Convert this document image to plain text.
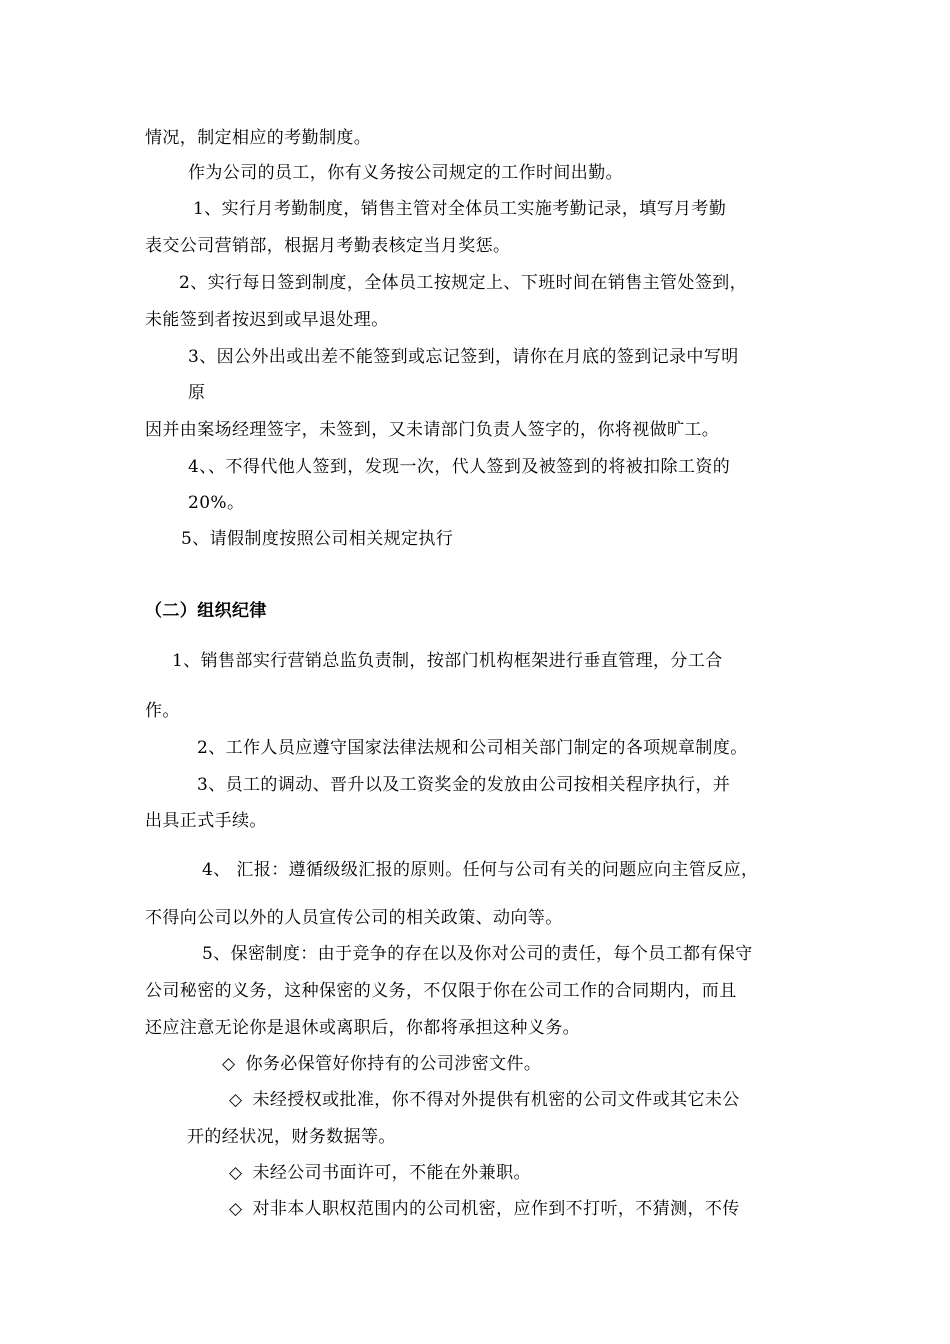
情况，制定相应的考勤制度。
作为公司的员工，你有义务按公司规定的工作时间出勤。
1、实行月考勤制度，销售主管对全体员工实施考勤记录，填写月考勤
表交公司营销部，根据月考勤表核定当月奖惩。
2、实行每日签到制度，全体员工按规定上、下班时间在销售主管处签到，
未能签到者按迟到或早退处理。
3、因公外出或出差不能签到或忘记签到，请你在月底的签到记录中写明
原
因并由案场经理签字，未签到，又未请部门负责人签字的，你将视做旷工。
4、、不得代他人签到，发现一次，代人签到及被签到的将被扣除工资的
20%。
5、请假制度按照公司相关规定执行
（二）组织纪律
1、销售部实行营销总监负责制，按部门机构框架进行垂直管理，分工合
作。
2、工作人员应遵守国家法律法规和公司相关部门制定的各项规章制度。
3、员工的调动、晋升以及工资奖金的发放由公司按相关程序执行，并
出具正式手续。
4、 汇报：遵循级级汇报的原则。任何与公司有关的问题应向主管反应，
不得向公司以外的人员宣传公司的相关政策、动向等。
5、保密制度：由于竞争的存在以及你对公司的责任，每个员工都有保守
公司秘密的义务，这种保密的义务，不仅限于你在公司工作的合同期内，而且
还应注意无论你是退休或离职后，你都将承担这种义务。
◇ 你务必保管好你持有的公司涉密文件。
◇ 未经授权或批准，你不得对外提供有机密的公司文件或其它未公
开的经状况，财务数据等。
◇ 未经公司书面许可，不能在外兼职。
◇ 对非本人职权范围内的公司机密，应作到不打听，不猜测，不传
